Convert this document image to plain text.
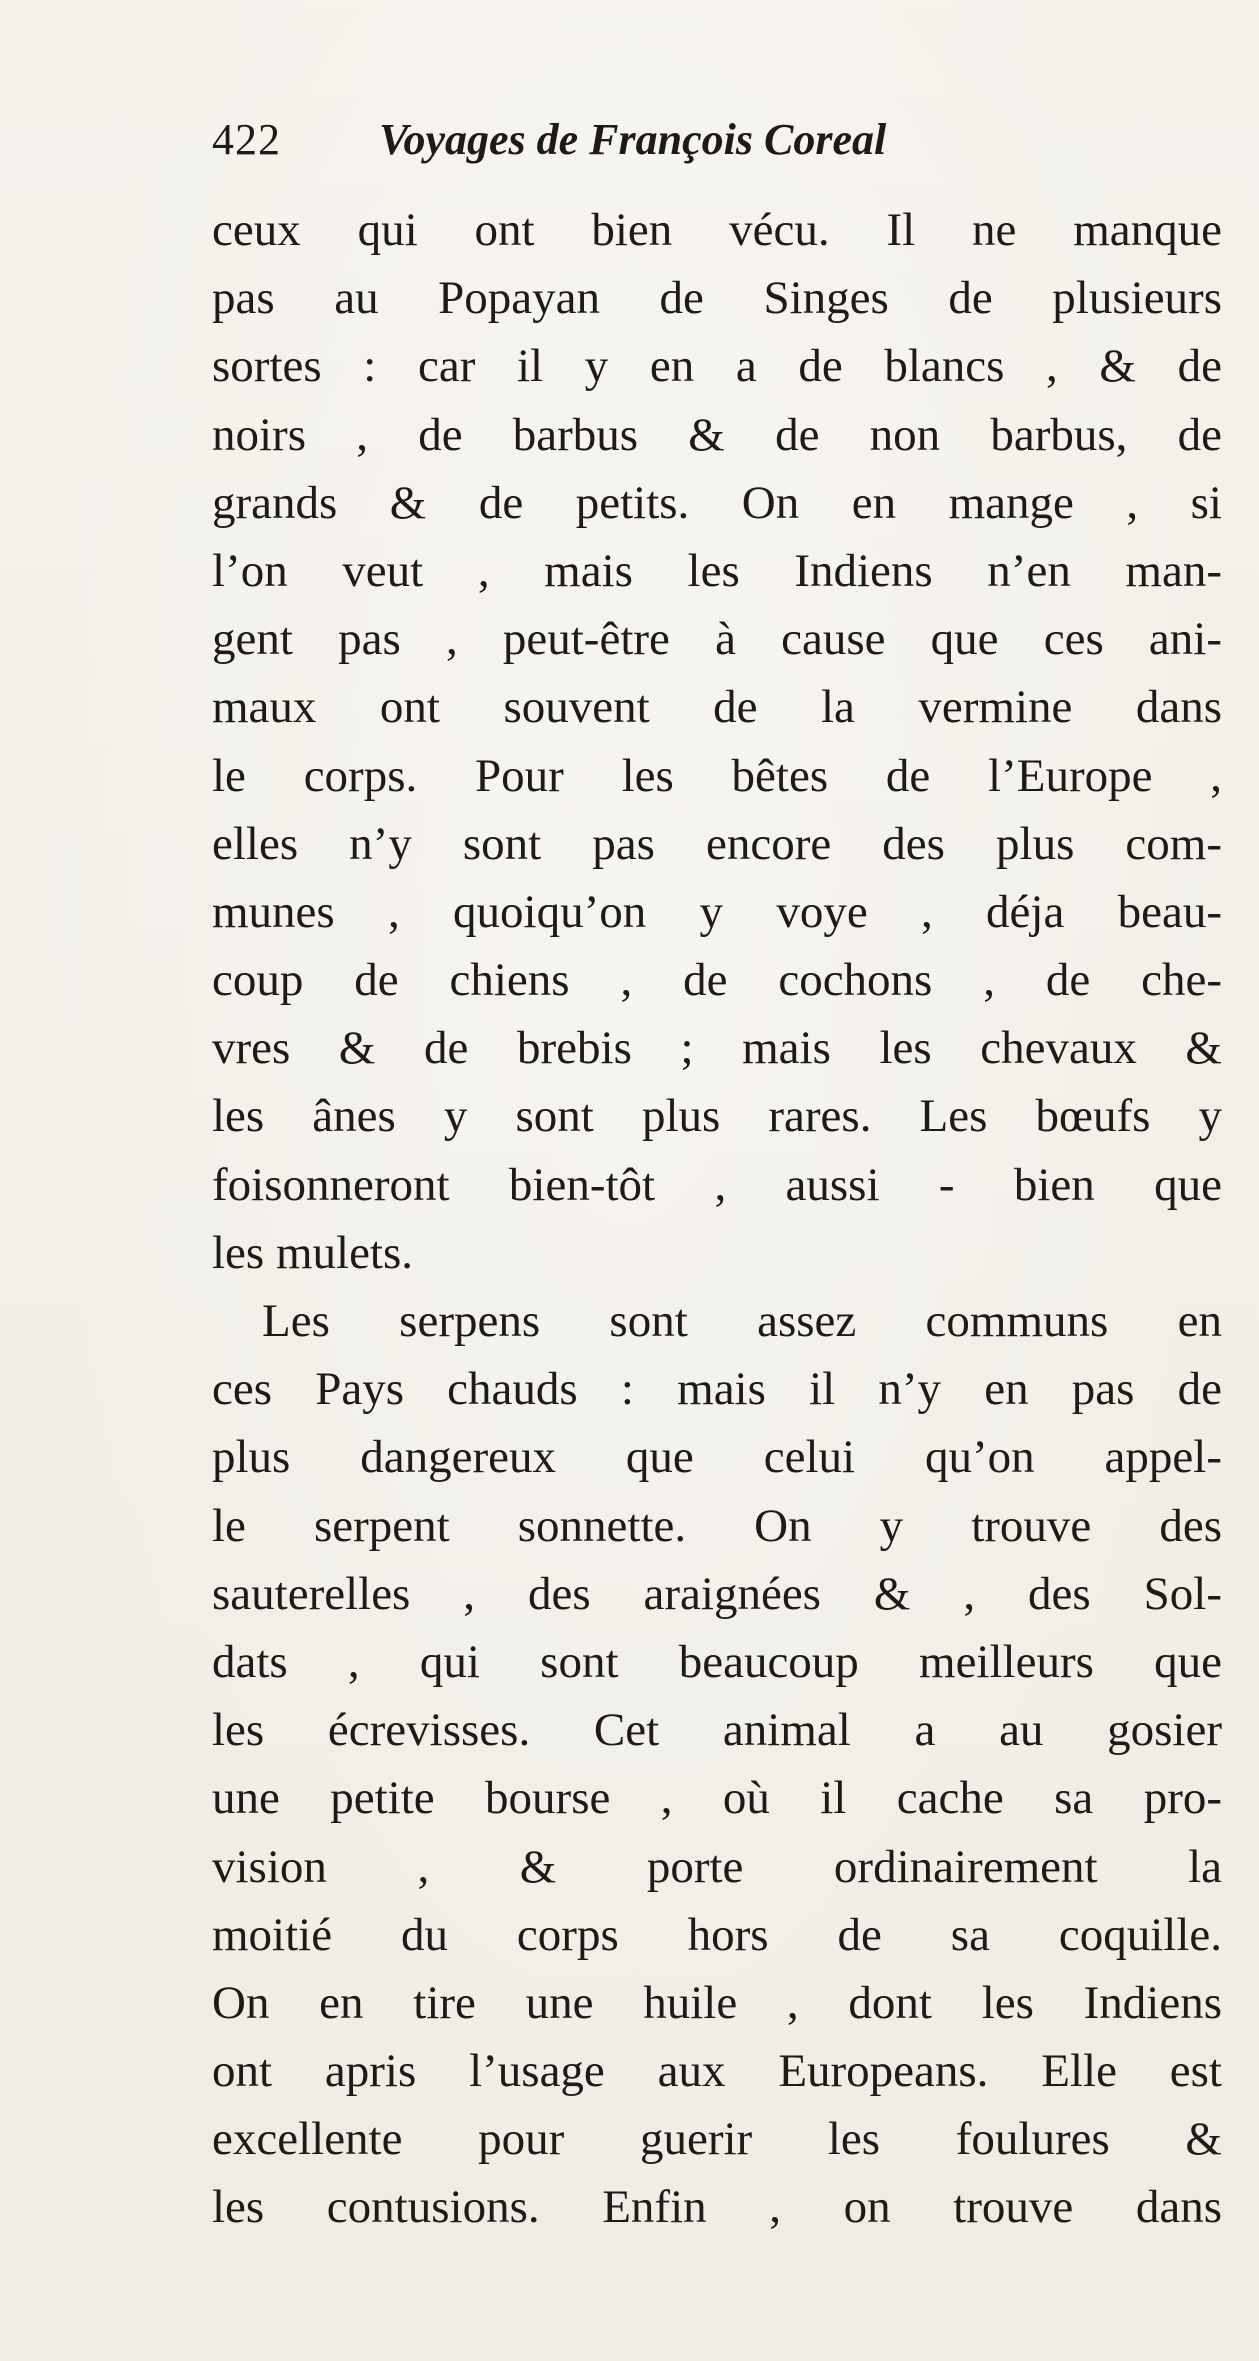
422 Voyages de François Coreal
ceux qui ont bien vécu. Il ne manque
pas au Popayan de Singes de plusieurs
sortes : car il y en a de blancs , & de
noirs , de barbus & de non barbus, de
grands & de petits. On en mange , si
l’on veut , mais les Indiens n’en man-
gent pas , peut-être à cause que ces ani-
maux ont souvent de la vermine dans
le corps. Pour les bêtes de l’Europe ,
elles n’y sont pas encore des plus com-
munes , quoiqu’on y voye , déja beau-
coup de chiens , de cochons , de che-
vres & de brebis ; mais les chevaux &
les ânes y sont plus rares. Les bœufs y
foisonneront bien-tôt , aussi - bien que
les mulets.
Les serpens sont assez communs en
ces Pays chauds : mais il n’y en pas de
plus dangereux que celui qu’on appel-
le serpent sonnette. On y trouve des
sauterelles , des araignées & , des Sol-
dats , qui sont beaucoup meilleurs que
les écrevisses. Cet animal a au gosier
une petite bourse , où il cache sa pro-
vision , & porte ordinairement la
moitié du corps hors de sa coquille.
On en tire une huile , dont les Indiens
ont apris l’usage aux Europeans. Elle est
excellente pour guerir les foulures &
les contusions. Enfin , on trouve dans
